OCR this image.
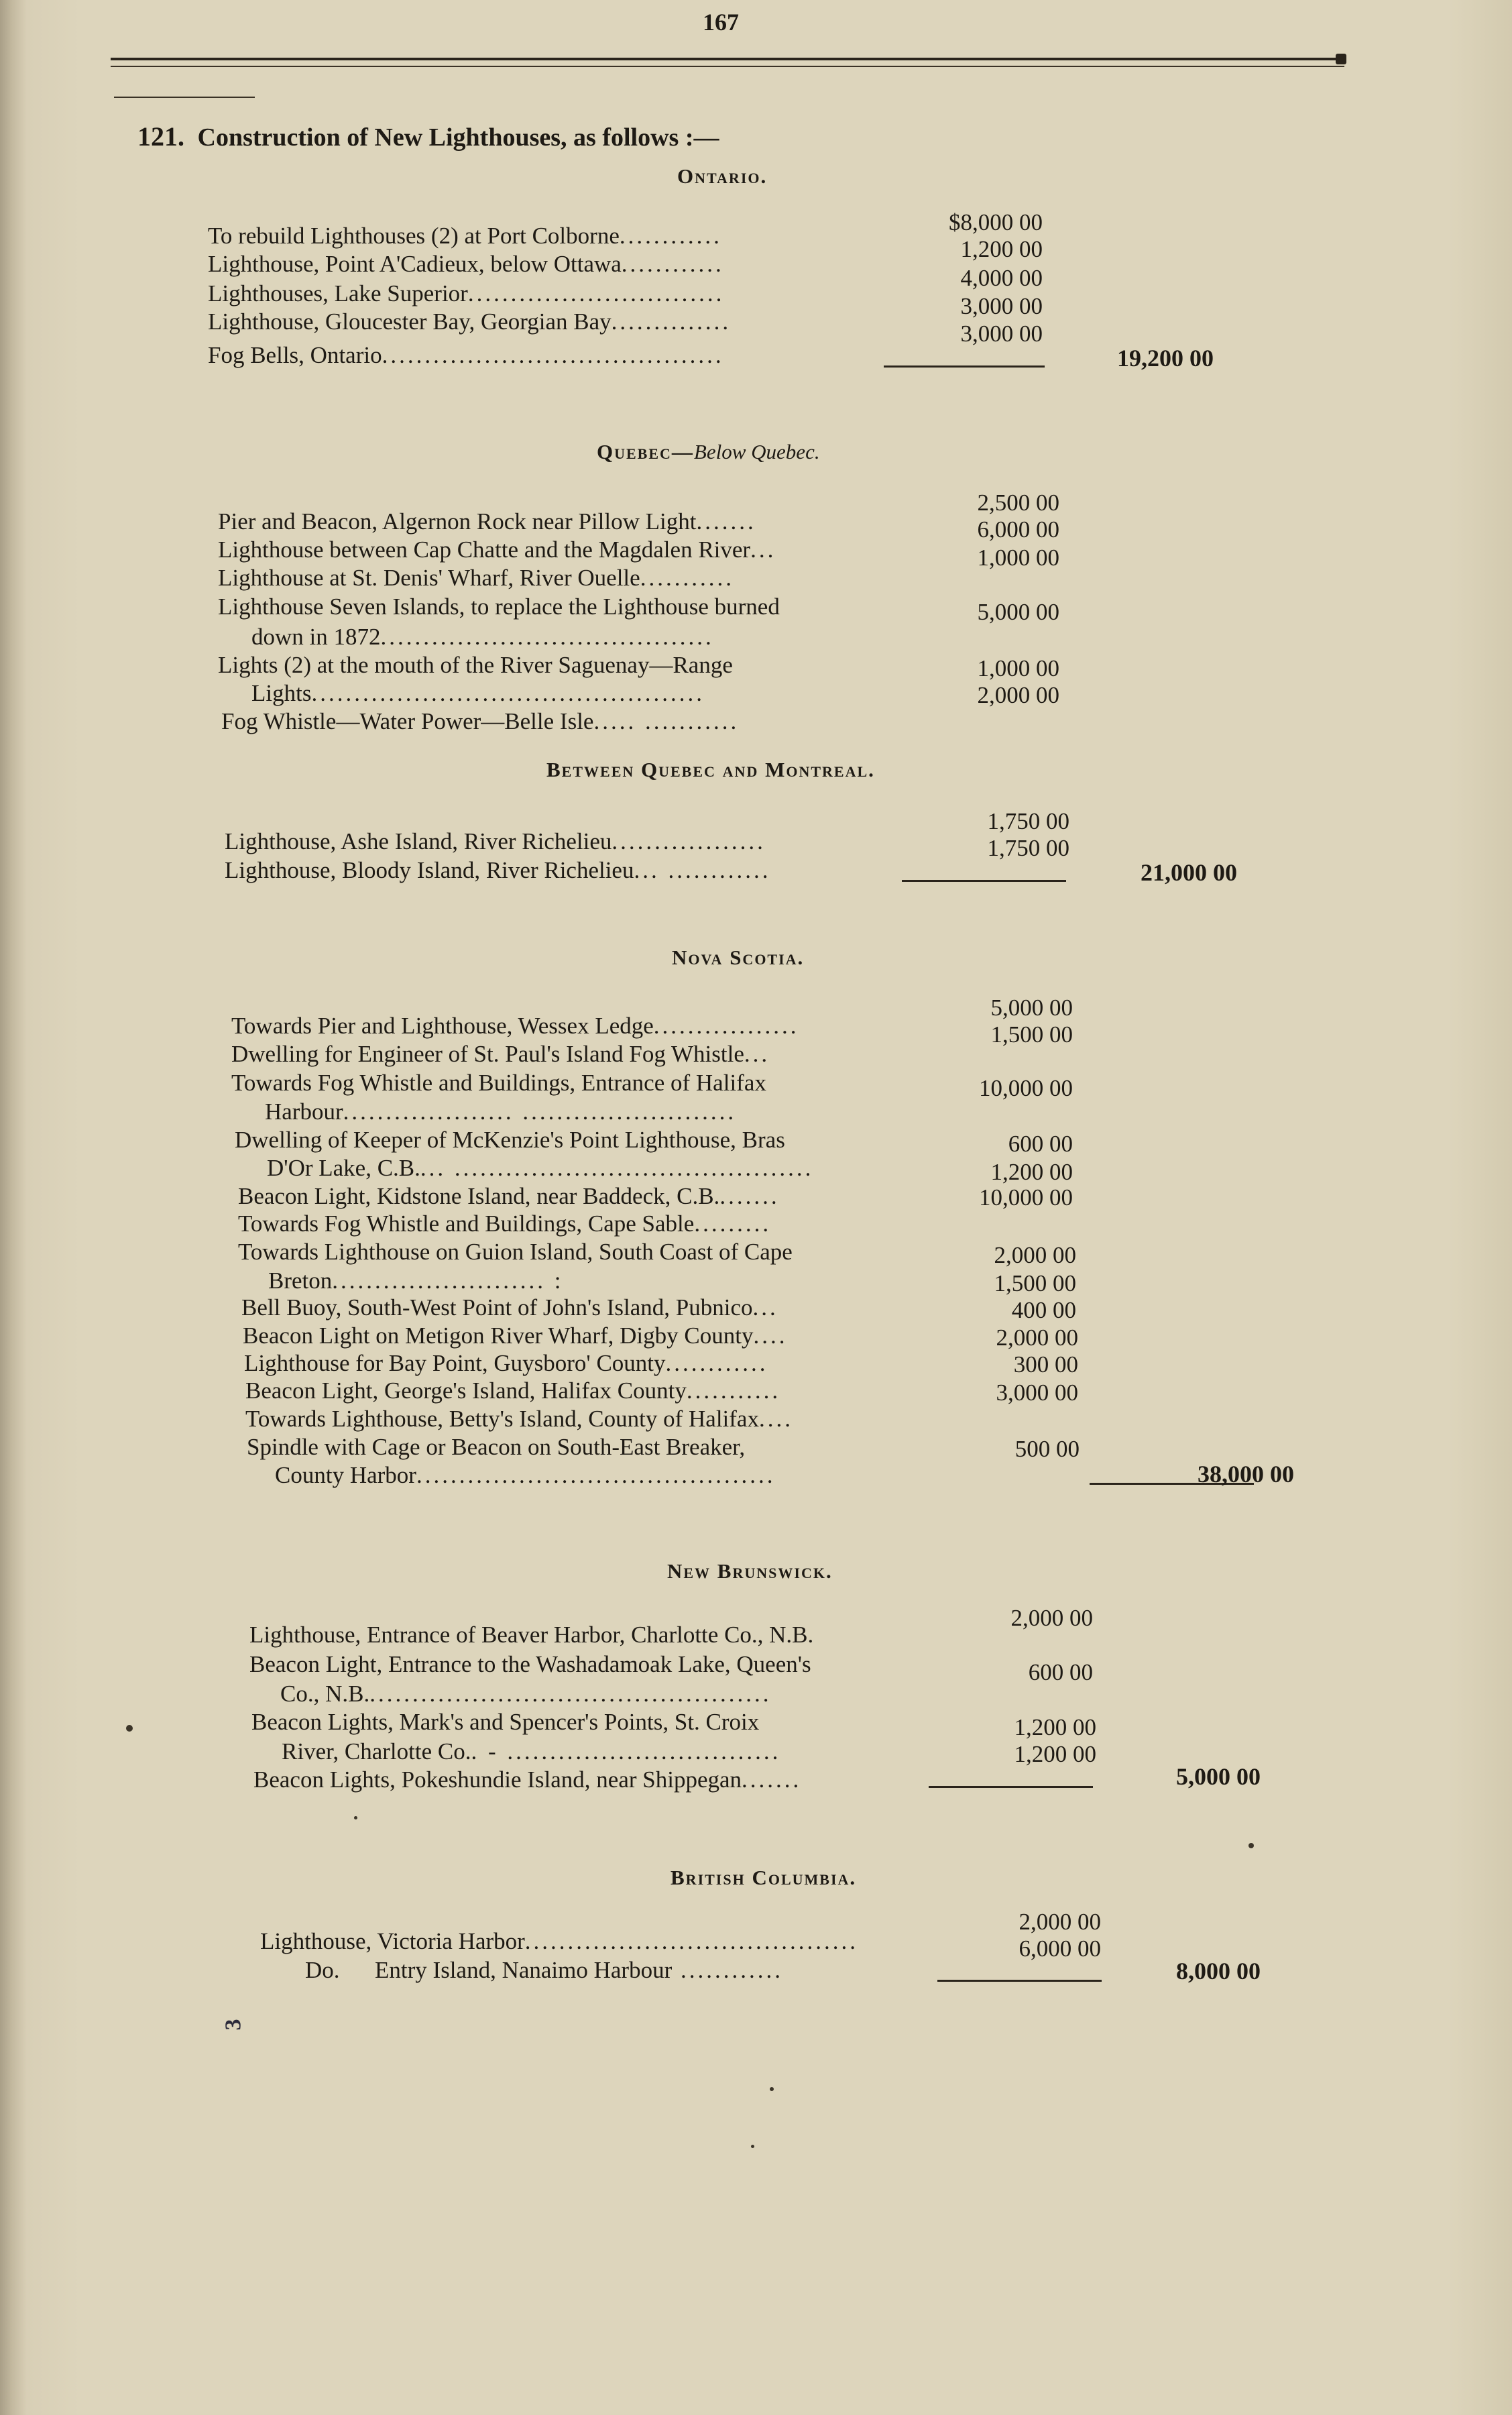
167
121. Construction of New Lighthouses, as follows :—
Ontario.
To rebuild Lighthouses (2) at Port Colborne............
$8,000 00
Lighthouse, Point A'Cadieux, below Ottawa............
1,200 00
Lighthouses, Lake Superior..............................
4,000 00
Lighthouse, Gloucester Bay, Georgian Bay..............
3,000 00
Fog Bells, Ontario........................................
3,000 00
19,200 00
Quebec—Below Quebec.
Pier and Beacon, Algernon Rock near Pillow Light.......
2,500 00
Lighthouse between Cap Chatte and the Magdalen River...
6,000 00
Lighthouse at St. Denis' Wharf, River Ouelle...........
1,000 00
Lighthouse Seven Islands, to replace the Lighthouse burned
down in 1872.......................................
5,000 00
Lights (2) at the mouth of the River Saguenay—Range
Lights..............................................
1,000 00
Fog Whistle—Water Power—Belle Isle..... ...........
2,000 00
Between Quebec and Montreal.
Lighthouse, Ashe Island, River Richelieu..................
1,750 00
Lighthouse, Bloody Island, River Richelieu... ............
1,750 00
21,000 00
Nova Scotia.
Towards Pier and Lighthouse, Wessex Ledge.................
5,000 00
Dwelling for Engineer of St. Paul's Island Fog Whistle...
1,500 00
Towards Fog Whistle and Buildings, Entrance of Halifax
Harbour.................... .........................
10,000 00
Dwelling of Keeper of McKenzie's Point Lighthouse, Bras
D'Or Lake, C.B.... ..........................................
600 00
Beacon Light, Kidstone Island, near Baddeck, C.B........
1,200 00
Towards Fog Whistle and Buildings, Cape Sable.........
10,000 00
Towards Lighthouse on Guion Island, South Coast of Cape
Breton......................... :
2,000 00
Bell Buoy, South-West Point of John's Island, Pubnico...
1,500 00
Beacon Light on Metigon River Wharf, Digby County....
400 00
Lighthouse for Bay Point, Guysboro' County............
2,000 00
Beacon Light, George's Island, Halifax County...........
300 00
Towards Lighthouse, Betty's Island, County of Halifax....
3,000 00
Spindle with Cage or Beacon on South-East Breaker,
County Harbor..........................................
500 00
38,000 00
New Brunswick.
Lighthouse, Entrance of Beaver Harbor, Charlotte Co., N.B.
2,000 00
Beacon Light, Entrance to the Washadamoak Lake, Queen's
Co., N.B................................................
600 00
Beacon Lights, Mark's and Spencer's Points, St. Croix
River, Charlotte Co.. - ................................
1,200 00
Beacon Lights, Pokeshundie Island, near Shippegan.......
1,200 00
5,000 00
British Columbia.
Lighthouse, Victoria Harbor.......................................
2,000 00
Do.      Entry Island, Nanaimo Harbour ............
6,000 00
8,000 00
3
